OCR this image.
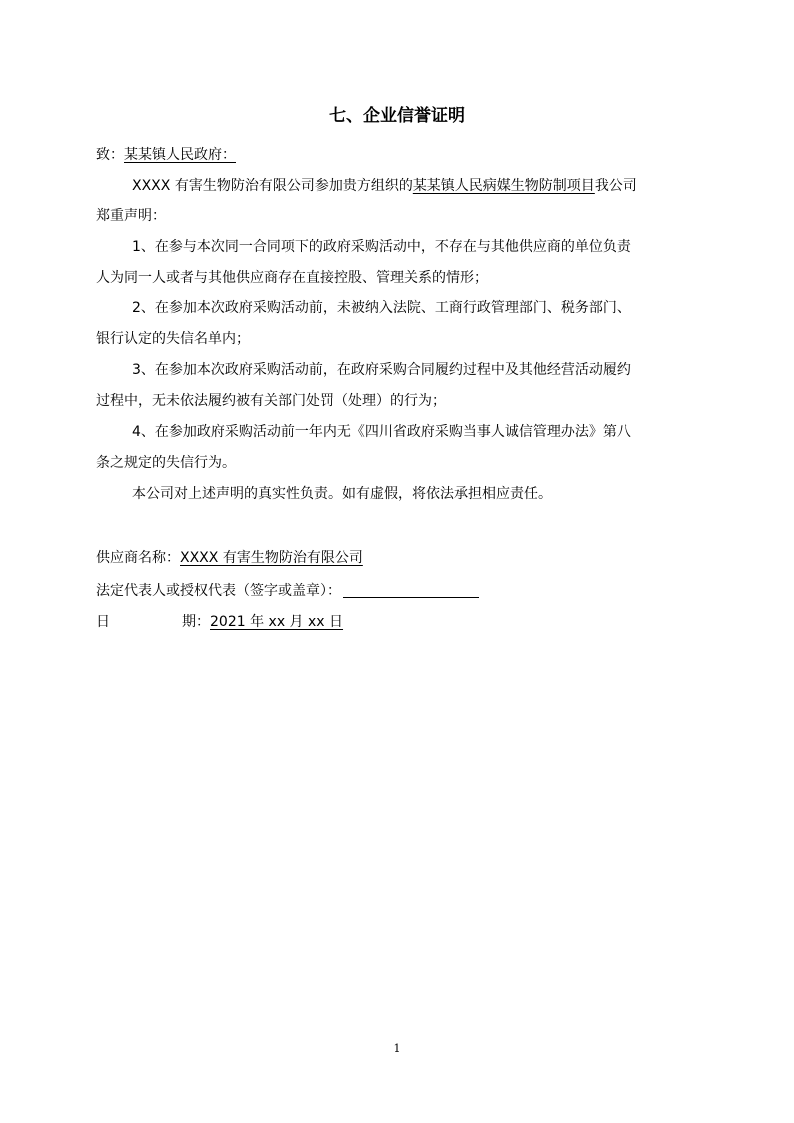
七、企业信誉证明
致：某某镇人民政府：
XXXX 有害生物防治有限公司参加贵方组织的某某镇人民病媒生物防制项目我公司
郑重声明：
1、在参与本次同一合同项下的政府采购活动中，不存在与其他供应商的单位负责
人为同一人或者与其他供应商存在直接控股、管理关系的情形；
2、在参加本次政府采购活动前，未被纳入法院、工商行政管理部门、税务部门、
银行认定的失信名单内；
3、在参加本次政府采购活动前，在政府采购合同履约过程中及其他经营活动履约
过程中，无未依法履约被有关部门处罚（处理）的行为；
4、在参加政府采购活动前一年内无《四川省政府采购当事人诚信管理办法》第八
条之规定的失信行为。
本公司对上述声明的真实性负责。如有虚假，将依法承担相应责任。
供应商名称：XXXX 有害生物防治有限公司
法定代表人或授权代表（签字或盖章）：
日	期：2021 年 xx 月 xx 日
1
